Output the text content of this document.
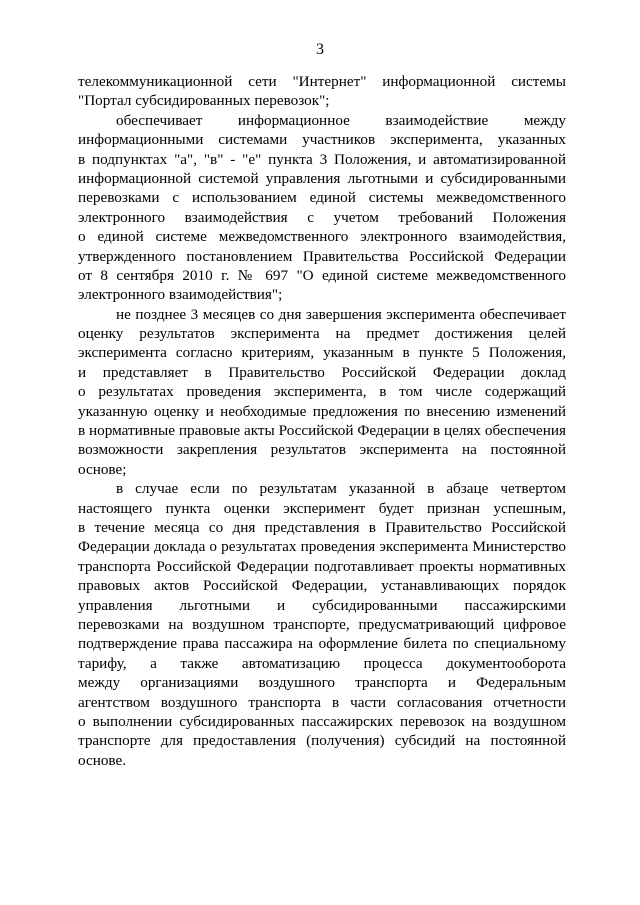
3
телекоммуникационной сети "Интернет" информационной системы
"Портал субсидированных перевозок";
обеспечивает информационное взаимодействие между
информационными системами участников эксперимента, указанных
в подпунктах "а", "в" - "е" пункта 3 Положения, и автоматизированной
информационной системой управления льготными и субсидированными
перевозками с использованием единой системы межведомственного
электронного взаимодействия с учетом требований Положения
о единой системе межведомственного электронного взаимодействия,
утвержденного постановлением Правительства Российской Федерации
от 8 сентября 2010 г. № 697 "О единой системе межведомственного
электронного взаимодействия";
не позднее 3 месяцев со дня завершения эксперимента обеспечивает
оценку результатов эксперимента на предмет достижения целей
эксперимента согласно критериям, указанным в пункте 5 Положения,
и представляет в Правительство Российской Федерации доклад
о результатах проведения эксперимента, в том числе содержащий
указанную оценку и необходимые предложения по внесению изменений
в нормативные правовые акты Российской Федерации в целях обеспечения
возможности закрепления результатов эксперимента на постоянной
основе;
в случае если по результатам указанной в абзаце четвертом
настоящего пункта оценки эксперимент будет признан успешным,
в течение месяца со дня представления в Правительство Российской
Федерации доклада о результатах проведения эксперимента Министерство
транспорта Российской Федерации подготавливает проекты нормативных
правовых актов Российской Федерации, устанавливающих порядок
управления льготными и субсидированными пассажирскими
перевозками на воздушном транспорте, предусматривающий цифровое
подтверждение права пассажира на оформление билета по специальному
тарифу, а также автоматизацию процесса документооборота
между организациями воздушного транспорта и Федеральным
агентством воздушного транспорта в части согласования отчетности
о выполнении субсидированных пассажирских перевозок на воздушном
транспорте для предоставления (получения) субсидий на постоянной
основе.
